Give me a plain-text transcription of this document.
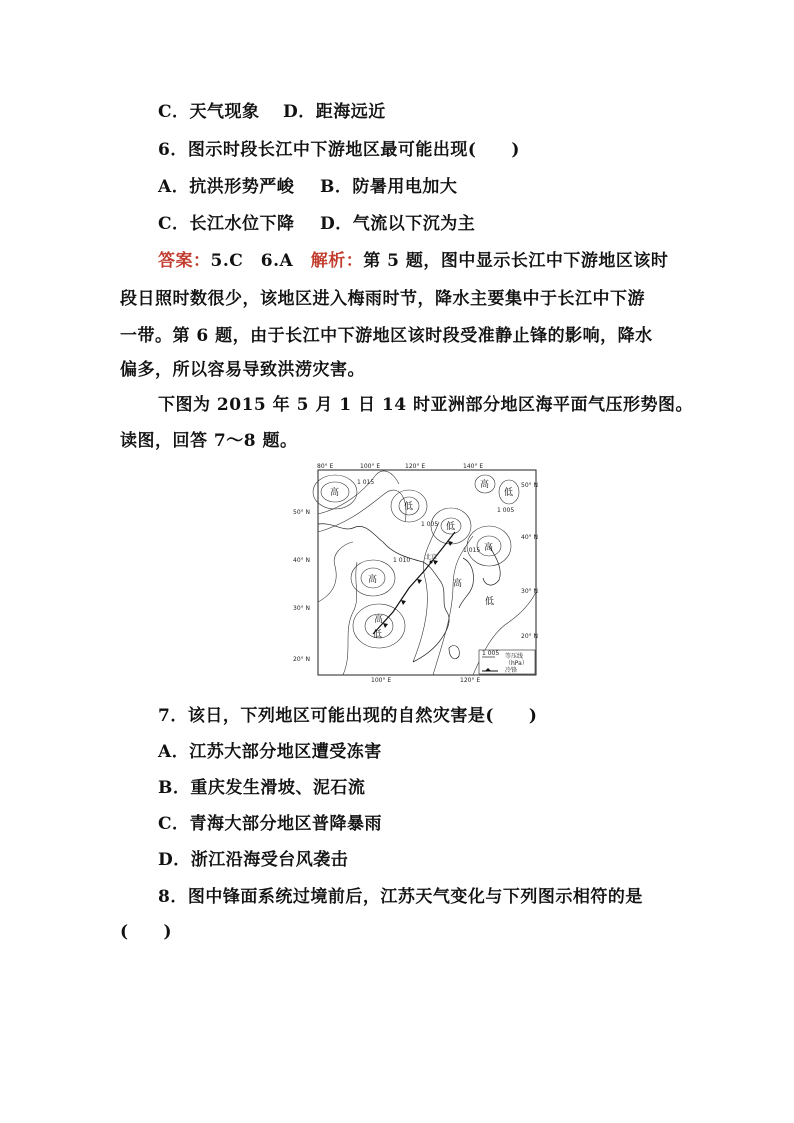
C．天气现象 D．距海远近
6．图示时段长江中下游地区最可能出现(　　)
A．抗洪形势严峻 B．防暑用电加大
C．长江水位下降 D．气流以下沉为主
答案：5.C　6.A　 解析：第 5 题，图中显示长江中下游地区该时
段日照时数很少，该地区进入梅雨时节，降水主要集中于长江中下游
一带。第 6 题，由于长江中下游地区该时段受准静止锋的影响，降水
偏多，所以容易导致洪涝灾害。
下图为 2015 年 5 月 1 日 14 时亚洲部分地区海平面气压形势图。
读图，回答 7～8 题。
80° E	100° E	120° E	140° E
100° E	120° E
50° N
40° N
30° N
20° N
50° N
40° N
30° N
20° N
高
低
高
低
高
高
低
高
高
低
低
1 015
1 005
1 010
1 015
1 005
北京
1 005 等压线
（hPa）
冷锋
7．该日，下列地区可能出现的自然灾害是(　　)
A．江苏大部分地区遭受冻害
B．重庆发生滑坡、泥石流
C．青海大部分地区普降暴雨
D．浙江沿海受台风袭击
8．图中锋面系统过境前后，江苏天气变化与下列图示相符的是
(　　)
